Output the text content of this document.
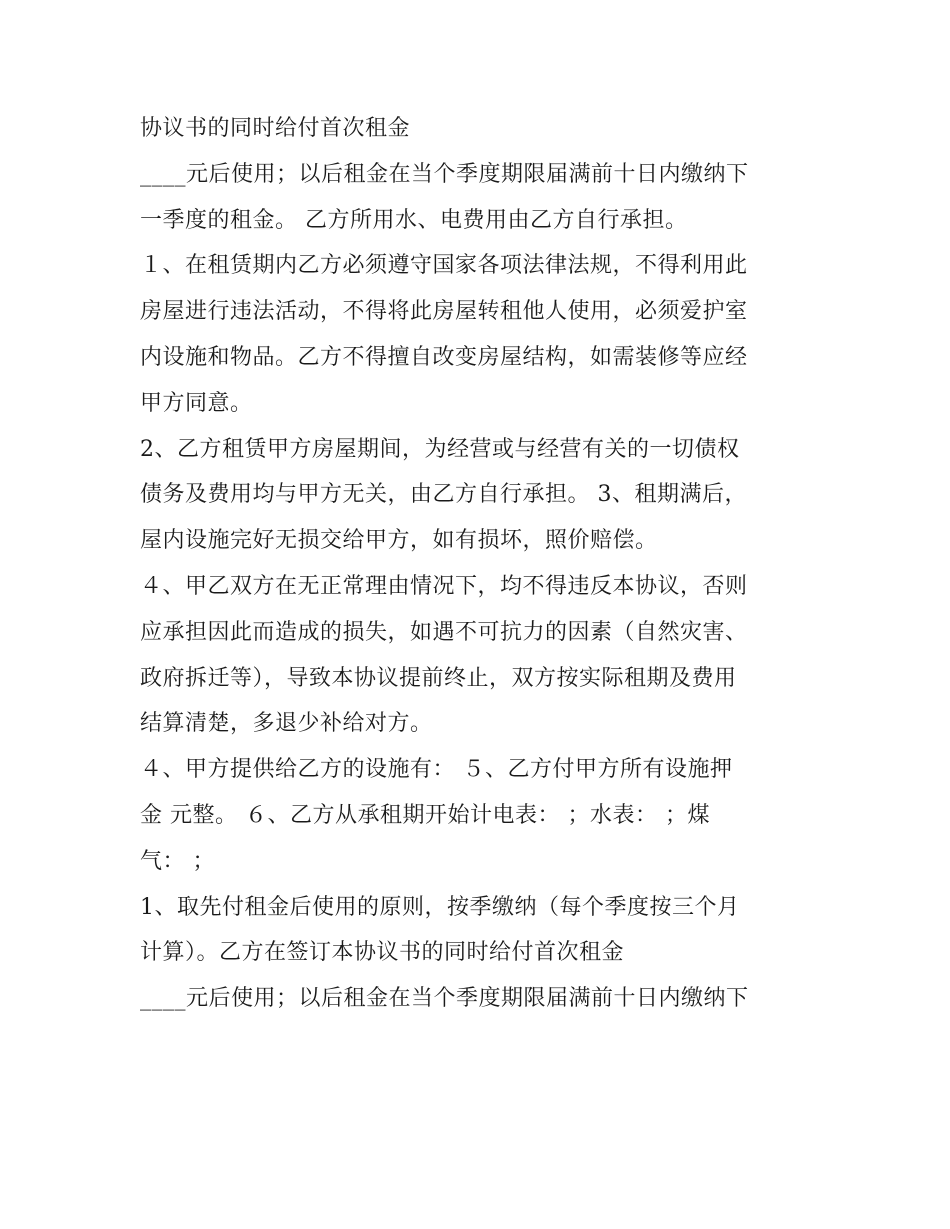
协议书的同时给付首次租金
____元后使用；以后租金在当个季度期限届满前十日内缴纳下
一季度的租金。 乙方所用水、电费用由乙方自行承担。
１、在租赁期内乙方必须遵守国家各项法律法规，不得利用此
房屋进行违法活动，不得将此房屋转租他人使用，必须爱护室
内设施和物品。乙方不得擅自改变房屋结构，如需装修等应经
甲方同意。
2、乙方租赁甲方房屋期间，为经营或与经营有关的一切债权
债务及费用均与甲方无关，由乙方自行承担。 3、租期满后，
屋内设施完好无损交给甲方，如有损坏，照价赔偿。
４、甲乙双方在无正常理由情况下，均不得违反本协议，否则
应承担因此而造成的损失，如遇不可抗力的因素（自然灾害、
政府拆迁等），导致本协议提前终止，双方按实际租期及费用
结算清楚，多退少补给对方。
４、甲方提供给乙方的设施有： ５、乙方付甲方所有设施押
金 元整。 ６、乙方从承租期开始计电表： ；水表： ；煤
气： ；
1、取先付租金后使用的原则，按季缴纳（每个季度按三个月
计算）。乙方在签订本协议书的同时给付首次租金
____元后使用；以后租金在当个季度期限届满前十日内缴纳下
